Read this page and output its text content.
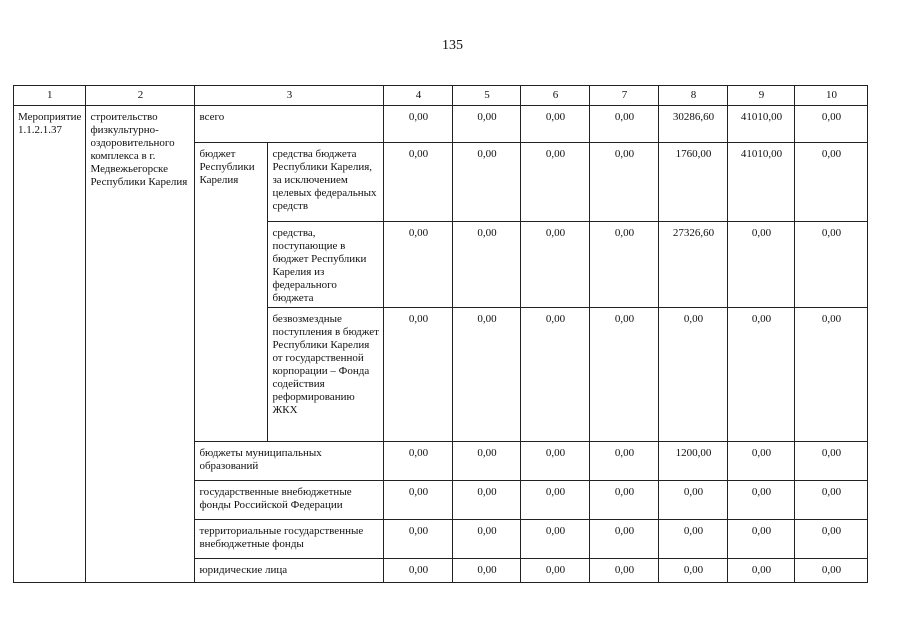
135
1	2	3		4	5	6	7	8	9	10
Мероприятие 1.1.2.1.37	строительство физкультурно-оздоровительного комплекса в г. Медвежьегорске Республики Карелия	всего		0,00	0,00	0,00	0,00	30286,60	41010,00	0,00
		бюджет Республики Карелия	средства бюджета Республики Карелия, за исключением целевых федеральных средств	0,00	0,00	0,00	0,00	1760,00	41010,00	0,00
			средства, поступающие в бюджет Республики Карелия из федерального бюджета	0,00	0,00	0,00	0,00	27326,60	0,00	0,00
			безвозмездные поступления в бюджет Республики Карелия от государственной корпорации – Фонда содействия реформированию ЖКХ	0,00	0,00	0,00	0,00	0,00	0,00	0,00
		бюджеты муниципальных образований		0,00	0,00	0,00	0,00	1200,00	0,00	0,00
		государственные внебюджетные фонды Российской Федерации		0,00	0,00	0,00	0,00	0,00	0,00	0,00
		территориальные государственные внебюджетные фонды		0,00	0,00	0,00	0,00	0,00	0,00	0,00
		юридические лица		0,00	0,00	0,00	0,00	0,00	0,00	0,00
